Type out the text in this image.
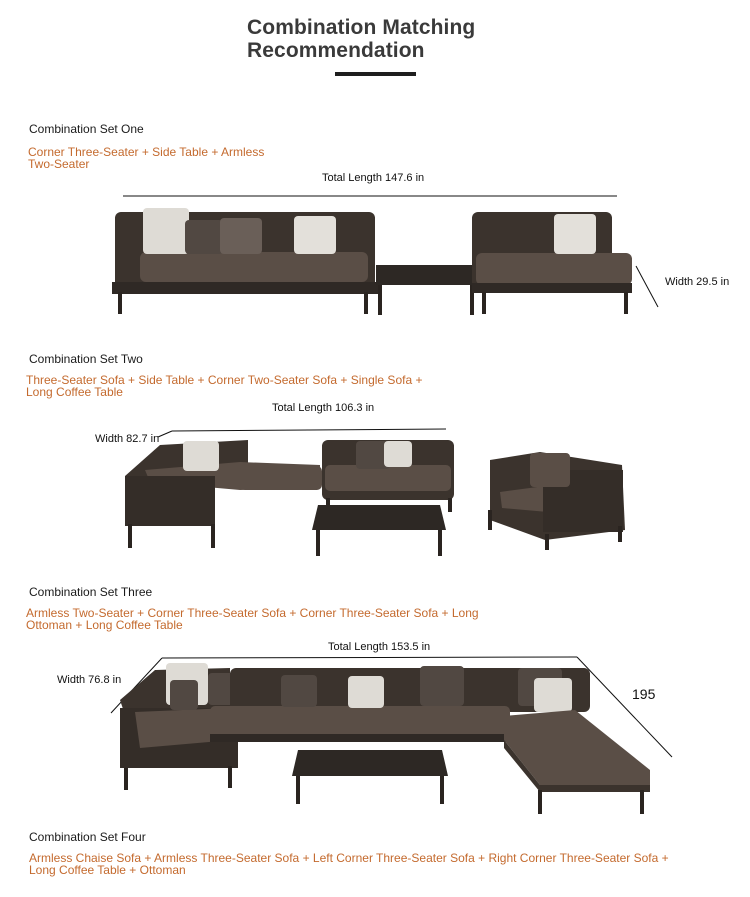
Combination Matching
Recommendation
Combination Set One
Corner Three-Seater + Side Table + Armless
Two-Seater
Total Length 147.6 in
Width 29.5 in
Combination Set Two
Three-Seater Sofa + Side Table + Corner Two-Seater Sofa + Single Sofa +
Long Coffee Table
Total Length 106.3 in
Width 82.7 in
Combination Set Three
Armless Two-Seater + Corner Three-Seater Sofa + Corner Three-Seater Sofa + Long
Ottoman + Long Coffee Table
Total Length 153.5 in
Width 76.8 in
195
Combination Set Four
Armless Chaise Sofa + Armless Three-Seater Sofa + Left Corner Three-Seater Sofa + Right Corner Three-Seater Sofa +
Long Coffee Table + Ottoman
